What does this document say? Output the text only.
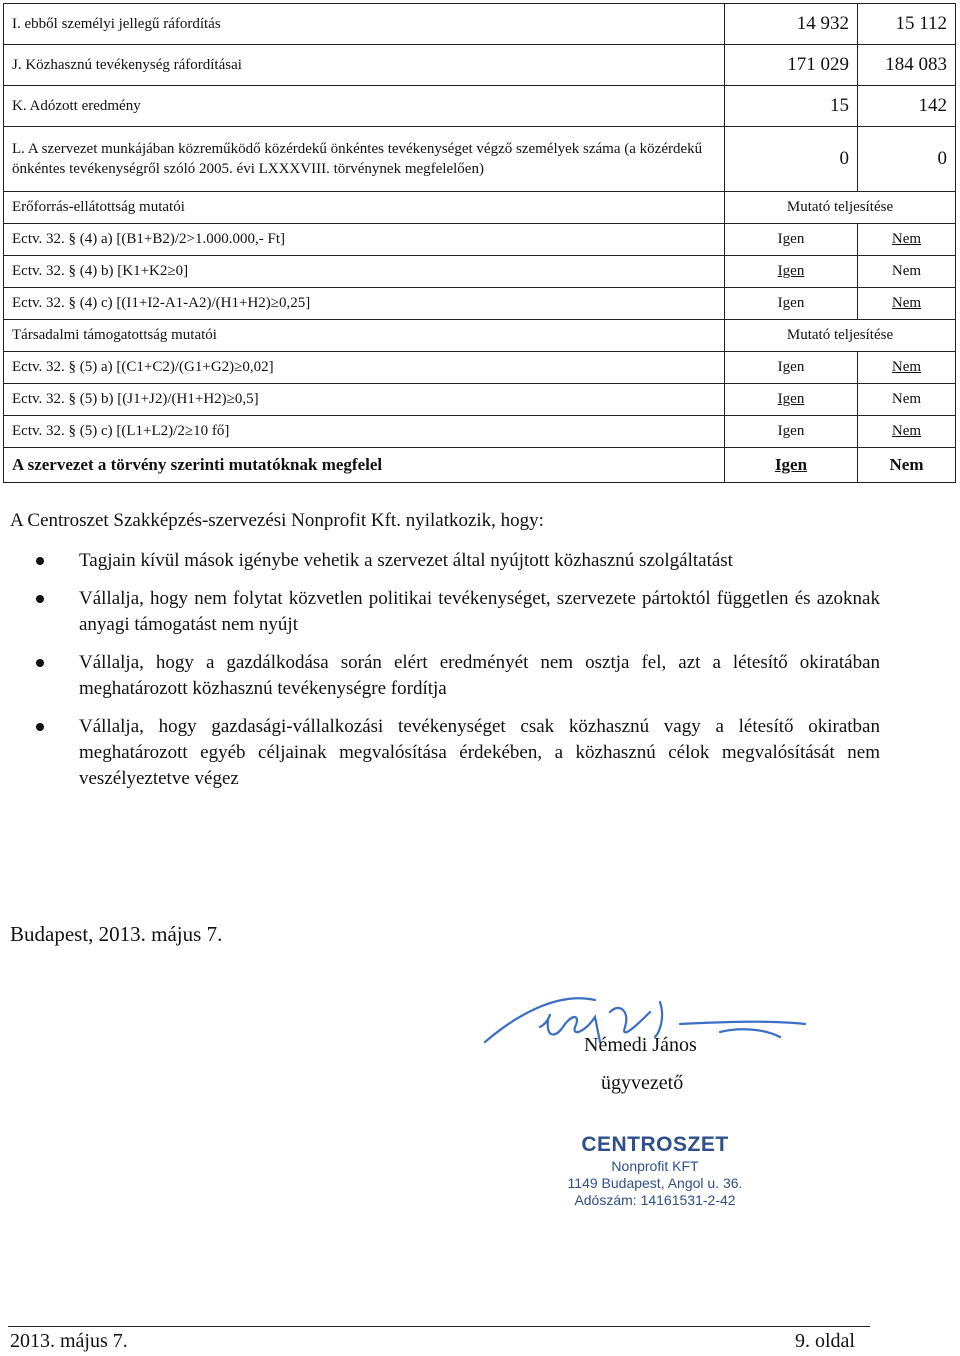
I. ebből személyi jellegű ráfordítás	14 932	15 112
J. Közhasznú tevékenység ráfordításai	171 029	184 083
K. Adózott eredmény	15	142
L. A szervezet munkájában közreműködő közérdekű önkéntes tevékenységet végző személyek száma (a közérdekű önkéntes tevékenységről szóló 2005. évi LXXXVIII. törvénynek megfelelően)	0	0
Erőforrás-ellátottság mutatói	Mutató teljesítése	
Ectv. 32. § (4) a) [(B1+B2)/2>1.000.000,- Ft]	Igen	Nem
Ectv. 32. § (4) b) [K1+K2≥0]	Igen	Nem
Ectv. 32. § (4) c) [(I1+I2-A1-A2)/(H1+H2)≥0,25]	Igen	Nem
Társadalmi támogatottság mutatói	Mutató teljesítése	
Ectv. 32. § (5) a) [(C1+C2)/(G1+G2)≥0,02]	Igen	Nem
Ectv. 32. § (5) b) [(J1+J2)/(H1+H2)≥0,5]	Igen	Nem
Ectv. 32. § (5) c) [(L1+L2)/2≥10 fő]	Igen	Nem
A szervezet a törvény szerinti mutatóknak megfelel	Igen	Nem
A Centroszet Szakképzés-szervezési Nonprofit Kft. nyilatkozik, hogy:
Tagjain kívül mások igénybe vehetik a szervezet által nyújtott közhasznú szolgáltatást
Vállalja, hogy nem folytat közvetlen politikai tevékenységet, szervezete pártoktól független és azoknak anyagi támogatást nem nyújt
Vállalja, hogy a gazdálkodása során elért eredményét nem osztja fel, azt a létesítő okiratában meghatározott közhasznú tevékenységre fordítja
Vállalja, hogy gazdasági-vállalkozási tevékenységet csak közhasznú vagy a létesítő okiratban meghatározott egyéb céljainak megvalósítása érdekében, a közhasznú célok megvalósítását nem veszélyeztetve végez
Budapest, 2013. május 7.
Némedi János
ügyvezető
CENTROSZET
Nonprofit KFT
1149 Budapest, Angol u. 36.
Adószám: 14161531-2-42
2013. május 7.	9. oldal
